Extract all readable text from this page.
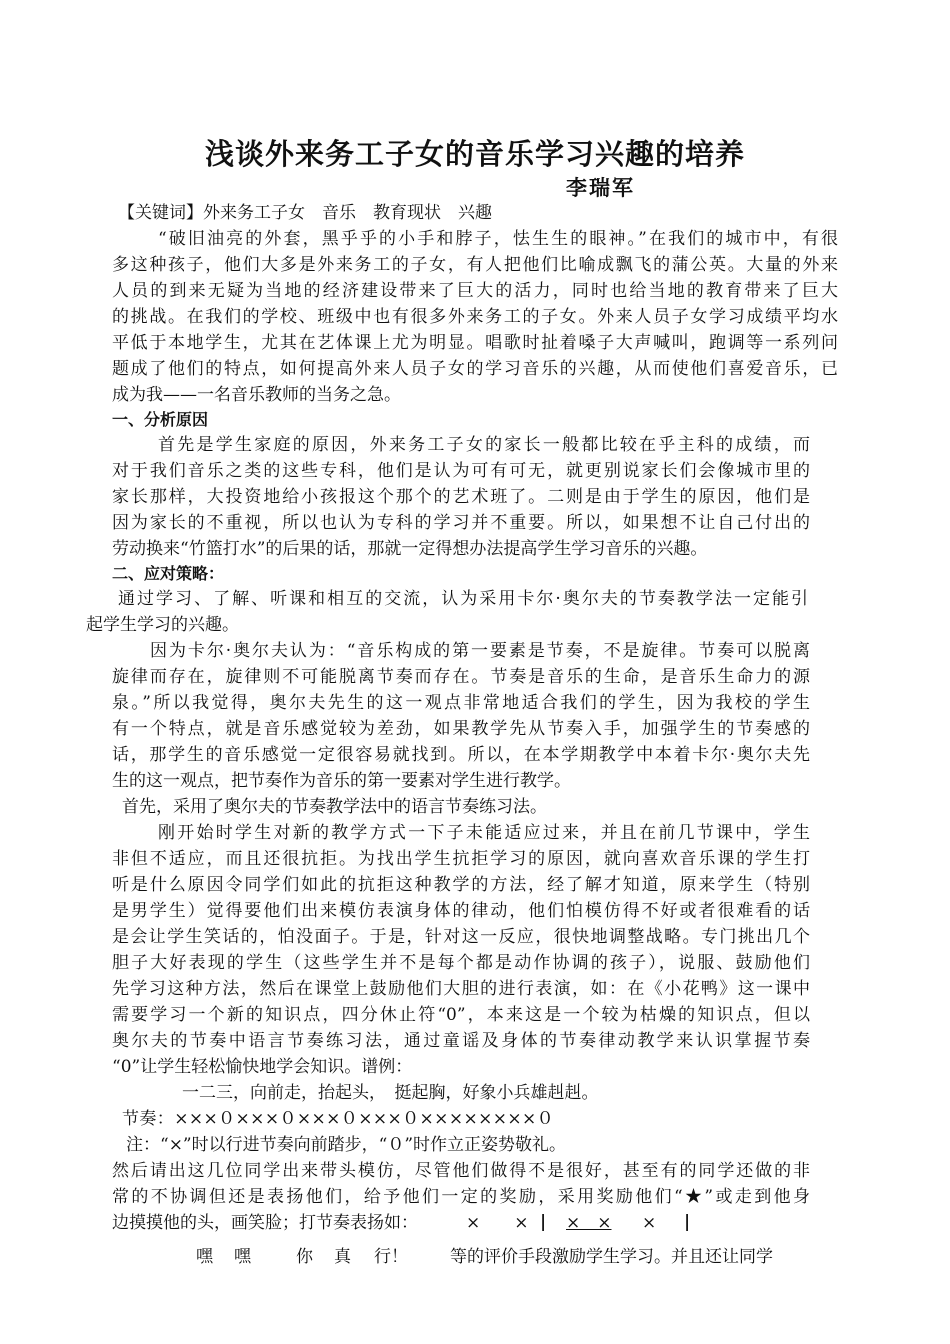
浅谈外来务工子女的音乐学习兴趣的培养
李瑞军
【关键词】外来务工子女　音乐　教育现状　兴趣
“破旧油亮的外套，黑乎乎的小手和脖子，怯生生的眼神。”在我们的城市中，有很
多这种孩子，他们大多是外来务工的子女，有人把他们比喻成飘飞的蒲公英。大量的外来
人员的到来无疑为当地的经济建设带来了巨大的活力，同时也给当地的教育带来了巨大
的挑战。在我们的学校、班级中也有很多外来务工的子女。外来人员子女学习成绩平均水
平低于本地学生，尤其在艺体课上尤为明显。唱歌时扯着嗓子大声喊叫，跑调等一系列问
题成了他们的特点，如何提高外来人员子女的学习音乐的兴趣，从而使他们喜爱音乐，已
成为我——一名音乐教师的当务之急。
一、分析原因
首先是学生家庭的原因，外来务工子女的家长一般都比较在乎主科的成绩，而
对于我们音乐之类的这些专科，他们是认为可有可无，就更别说家长们会像城市里的
家长那样，大投资地给小孩报这个那个的艺术班了。二则是由于学生的原因，他们是
因为家长的不重视，所以也认为专科的学习并不重要。所以，如果想不让自己付出的
劳动换来“竹篮打水”的后果的话，那就一定得想办法提高学生学习音乐的兴趣。
二、应对策略：
通过学习、了解、听课和相互的交流，认为采用卡尔·奥尔夫的节奏教学法一定能引
起学生学习的兴趣。
因为卡尔·奥尔夫认为：“音乐构成的第一要素是节奏，不是旋律。节奏可以脱离
旋律而存在，旋律则不可能脱离节奏而存在。节奏是音乐的生命，是音乐生命力的源
泉。”所以我觉得，奥尔夫先生的这一观点非常地适合我们的学生，因为我校的学生
有一个特点，就是音乐感觉较为差劲，如果教学先从节奏入手，加强学生的节奏感的
话，那学生的音乐感觉一定很容易就找到。所以，在本学期教学中本着卡尔·奥尔夫先
生的这一观点，把节奏作为音乐的第一要素对学生进行教学。
首先，采用了奥尔夫的节奏教学法中的语言节奏练习法。
刚开始时学生对新的教学方式一下子未能适应过来，并且在前几节课中，学生
非但不适应，而且还很抗拒。为找出学生抗拒学习的原因，就向喜欢音乐课的学生打
听是什么原因令同学们如此的抗拒这种教学的方法，经了解才知道，原来学生（特别
是男学生）觉得要他们出来模仿表演身体的律动，他们怕模仿得不好或者很难看的话
是会让学生笑话的，怕没面子。于是，针对这一反应，很快地调整战略。专门挑出几个
胆子大好表现的学生（这些学生并不是每个都是动作协调的孩子），说服、鼓励他们
先学习这种方法，然后在课堂上鼓励他们大胆的进行表演，如：在《小花鸭》这一课中
需要学习一个新的知识点，四分休止符“0”，本来这是一个较为枯燥的知识点，但以
奥尔夫的节奏中语言节奏练习法，通过童谣及身体的节奏律动教学来认识掌握节奏
“0”让学生轻松愉快地学会知识。谱例：
一二三，向前走，抬起头，　挺起胸，好象小兵雄赳赳。
节奏：×××０×××０×××０×××０××××××××０
注：“×”时以行进节奏向前踏步，“０”时作立正姿势敬礼。
然后请出这几位同学出来带头模仿，尽管他们做得不是很好，甚至有的同学还做的非
常的不协调但还是表扬他们，给予他们一定的奖励，采用奖励他们“★”或走到他身
边摸摸他的头，画笑脸；打节奏表扬如：	×　　× | ×　× × |
嘿 嘿	你 真 行！ 等的评价手段激励学生学习。并且还让同学
